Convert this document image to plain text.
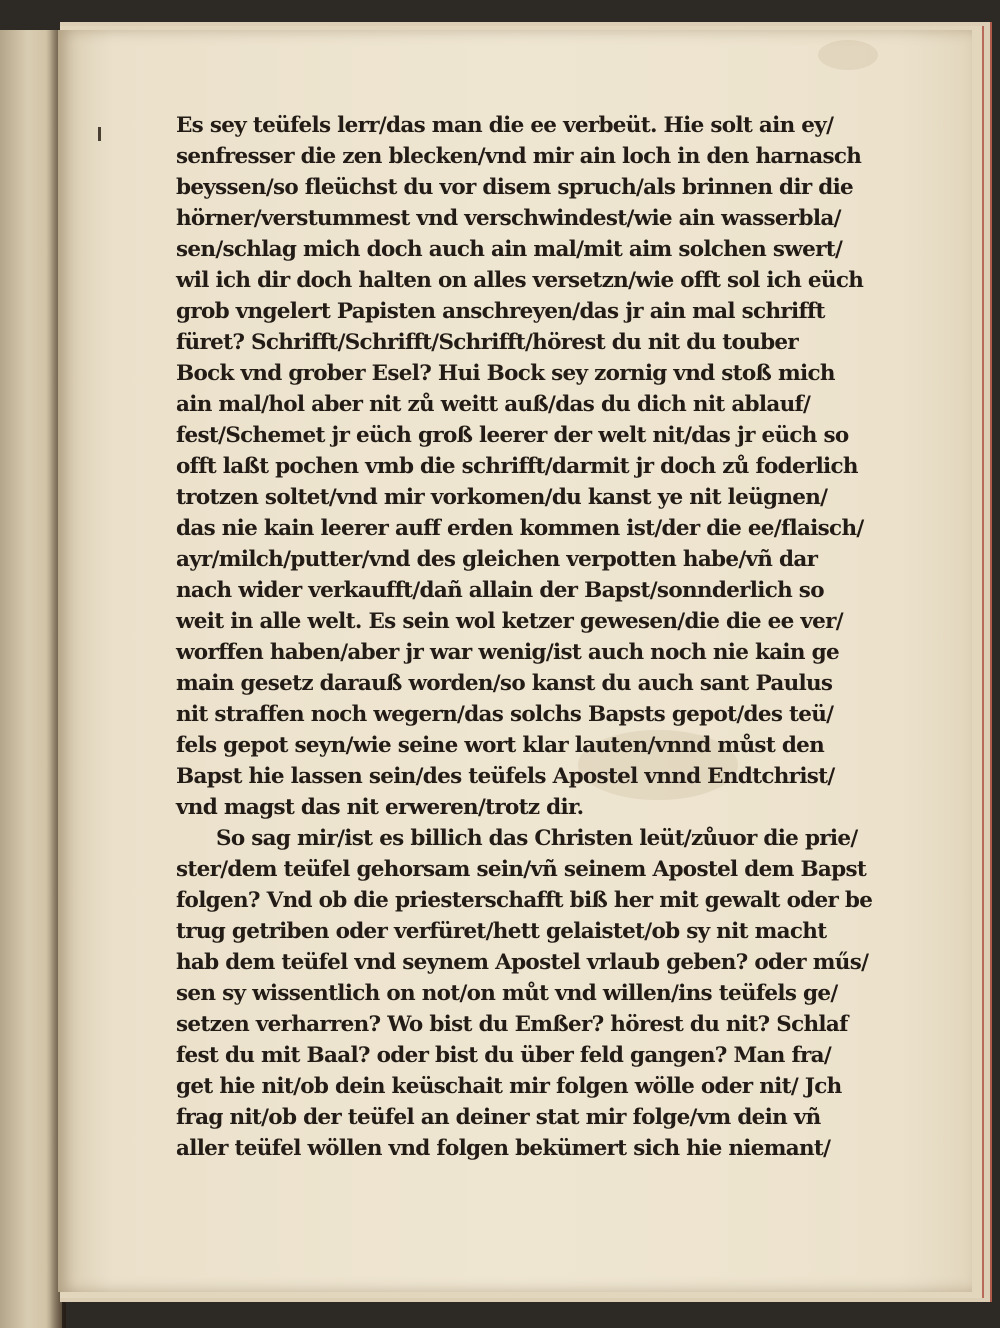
Es sey teüfels lerr/das man die ee verbeüt. Hie solt ain ey/
senfresser die zen blecken/vnd mir ain loch in den harnasch
beyssen/so fleüchst du vor disem spruch/als brinnen dir die
hörner/verstummest vnd verschwindest/wie ain wasserbla/
sen/schlag mich doch auch ain mal/mit aim solchen swert/
wil ich dir doch halten on alles versetzn/wie offt sol ich eüch
grob vngelert Papisten anschreyen/das jr ain mal schrifft
füret? Schrifft/Schrifft/Schrifft/hörest du nit du touber
Bock vnd grober Esel? Hui Bock sey zornig vnd stoß mich
ain mal/hol aber nit zů weitt auß/das du dich nit ablauf/
fest/Schemet jr eüch groß leerer der welt nit/das jr eüch so
offt laßt pochen vmb die schrifft/darmit jr doch zů foderlich
trotzen soltet/vnd mir vorkomen/du kanst ye nit leügnen/
das nie kain leerer auff erden kommen ist/der die ee/flaisch/
ayr/milch/putter/vnd des gleichen verpotten habe/vñ dar
nach wider verkaufft/dañ allain der Bapst/sonnderlich so
weit in alle welt. Es sein wol ketzer gewesen/die die ee ver/
worffen haben/aber jr war wenig/ist auch noch nie kain ge
main gesetz darauß worden/so kanst du auch sant Paulus
nit straffen noch wegern/das solchs Bapsts gepot/des teü/
fels gepot seyn/wie seine wort klar lauten/vnnd můst den
Bapst hie lassen sein/des teüfels Apostel vnnd Endtchrist/
vnd magst das nit erweren/trotz dir.
So sag mir/ist es billich das Christen leüt/zůuor die prie/
ster/dem teüfel gehorsam sein/vñ seinem Apostel dem Bapst
folgen? Vnd ob die priesterschafft biß her mit gewalt oder be
trug getriben oder verfüret/hett gelaistet/ob sy nit macht
hab dem teüfel vnd seynem Apostel vrlaub geben? oder műs/
sen sy wissentlich on not/on můt vnd willen/ins teüfels ge/
setzen verharren? Wo bist du Emßer? hörest du nit? Schlaf
fest du mit Baal? oder bist du über feld gangen? Man fra/
get hie nit/ob dein keüschait mir folgen wölle oder nit/ Jch
frag nit/ob der teüfel an deiner stat mir folge/vm dein vñ
aller teüfel wöllen vnd folgen bekümert sich hie niemant/
